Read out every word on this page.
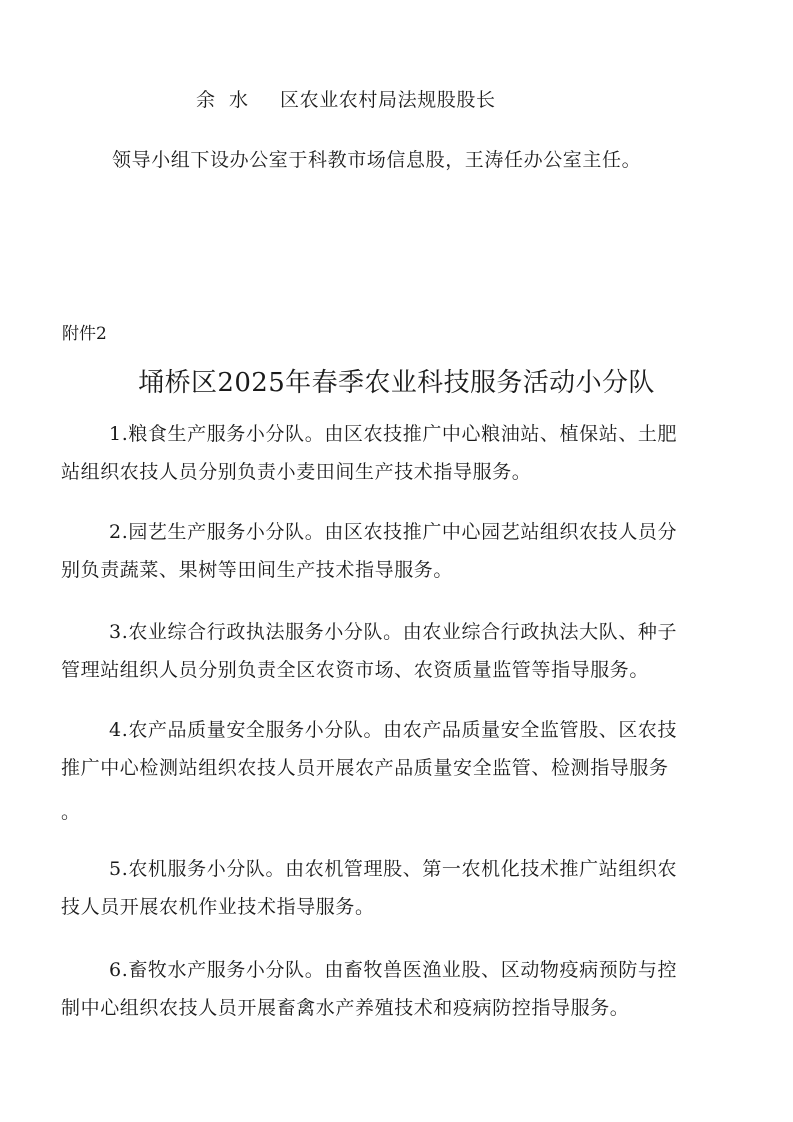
余 水 区农业农村局法规股股长
领导小组下设办公室于科教市场信息股，王涛任办公室主任。
附件2
埇桥区2025年春季农业科技服务活动小分队
1.粮食生产服务小分队。由区农技推广中心粮油站、植保站、土肥
站组织农技人员分别负责小麦田间生产技术指导服务。
2.园艺生产服务小分队。由区农技推广中心园艺站组织农技人员分
别负责蔬菜、果树等田间生产技术指导服务。
3.农业综合行政执法服务小分队。由农业综合行政执法大队、种子
管理站组织人员分别负责全区农资市场、农资质量监管等指导服务。
4.农产品质量安全服务小分队。由农产品质量安全监管股、区农技
推广中心检测站组织农技人员开展农产品质量安全监管、检测指导服务
。
5.农机服务小分队。由农机管理股、第一农机化技术推广站组织农
技人员开展农机作业技术指导服务。
6.畜牧水产服务小分队。由畜牧兽医渔业股、区动物疫病预防与控
制中心组织农技人员开展畜禽水产养殖技术和疫病防控指导服务。
